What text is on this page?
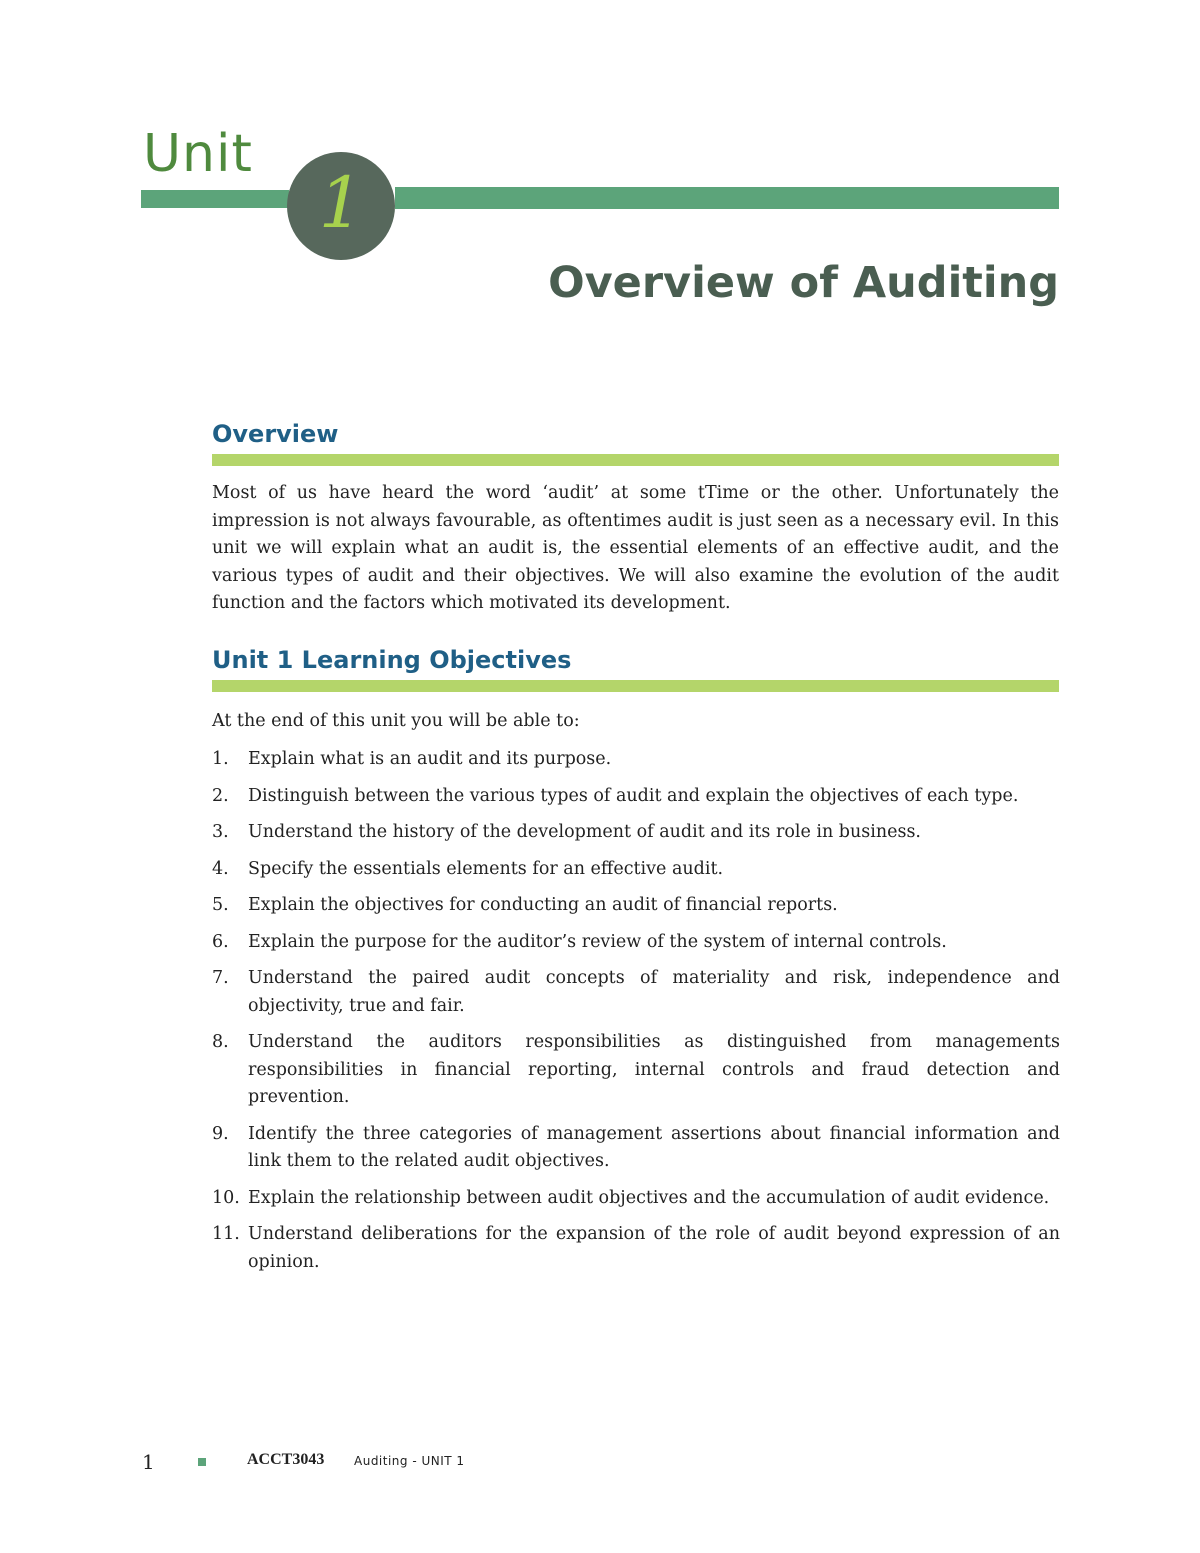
Unit
1
Overview of Auditing
Overview

Most of us have heard the word ‘audit’ at some tTime or the other. Unfortunately the impression is not always favourable, as oftentimes audit is just seen as a necessary evil. In this unit we will explain what an audit is, the essential elements of an effective audit, and the various types of audit and their objectives. We will also examine the evolution of the audit function and the factors which motivated its development.

Unit 1 Learning Objectives
At the end of this unit you will be able to:
1. Explain what is an audit and its purpose.
2. Distinguish between the various types of audit and explain the objectives of each type.
3. Understand the history of the development of audit and its role in business.
4. Specify the essentials elements for an effective audit.
5. Explain the objectives for conducting an audit of financial reports.
6. Explain the purpose for the auditor’s review of the system of internal controls.
7. Understand the paired audit concepts of materiality and risk, independence and objectivity, true and fair.
8. Understand the auditors responsibilities as distinguished from managements responsibilities in financial reporting, internal controls and fraud detection and prevention.
9. Identify the three categories of management assertions about financial information and link them to the related audit objectives.
10. Explain the relationship between audit objectives and the accumulation of audit evidence.
11. Understand deliberations for the expansion of the role of audit beyond expression of an opinion.
1	ACCT3043 Auditing - UNIT 1
